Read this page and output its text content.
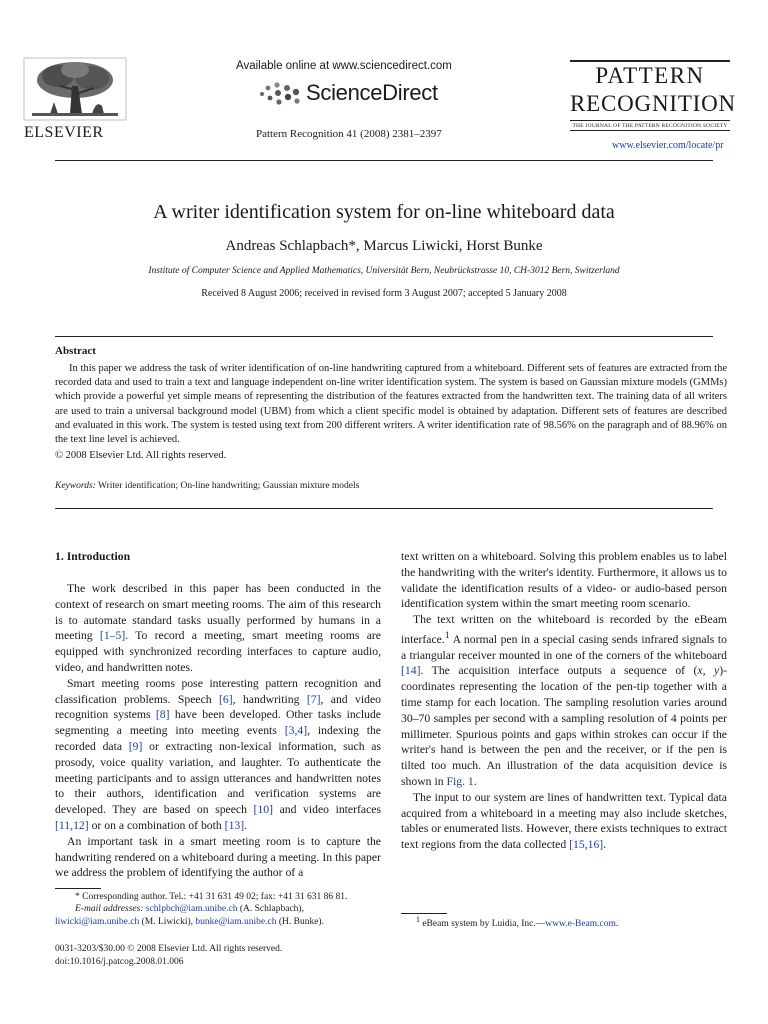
ELSEVIER
Available online at www.sciencedirect.com
ScienceDirect
Pattern Recognition 41 (2008) 2381–2397
PATTERN
RECOGNITION
THE JOURNAL OF THE PATTERN RECOGNITION SOCIETY
www.elsevier.com/locate/pr
A writer identification system for on-line whiteboard data
Andreas Schlapbach*, Marcus Liwicki, Horst Bunke
Institute of Computer Science and Applied Mathematics, Universität Bern, Neubrückstrasse 10, CH-3012 Bern, Switzerland
Received 8 August 2006; received in revised form 3 August 2007; accepted 5 January 2008
Abstract
In this paper we address the task of writer identification of on-line handwriting captured from a whiteboard. Different sets of features are extracted from the recorded data and used to train a text and language independent on-line writer identification system. The system is based on Gaussian mixture models (GMMs) which provide a powerful yet simple means of representing the distribution of the features extracted from the handwritten text. The training data of all writers are used to train a universal background model (UBM) from which a client specific model is obtained by adaptation. Different sets of features are described and evaluated in this work. The system is tested using text from 200 different writers. A writer identification rate of 98.56% on the paragraph and of 88.96% on the text line level is achieved.
© 2008 Elsevier Ltd. All rights reserved.
Keywords: Writer identification; On-line handwriting; Gaussian mixture models
1. Introduction

The work described in this paper has been conducted in the context of research on smart meeting rooms. The aim of this research is to automate standard tasks usually performed by humans in a meeting [1–5]. To record a meeting, smart meeting rooms are equipped with synchronized recording interfaces to capture audio, video, and handwritten notes.

Smart meeting rooms pose interesting pattern recognition and classification problems. Speech [6], handwriting [7], and video recognition systems [8] have been developed. Other tasks include segmenting a meeting into meeting events [3,4], indexing the recorded data [9] or extracting non-lexical information, such as prosody, voice quality variation, and laughter. To authenticate the meeting participants and to assign utterances and handwritten notes to their authors, identification and verification systems are developed. They are based on speech [10] and video interfaces [11,12] or on a combination of both [13].

An important task in a smart meeting room is to capture the handwriting rendered on a whiteboard during a meeting. In this paper we address the problem of identifying the author of a

text written on a whiteboard. Solving this problem enables us to label the handwriting with the writer's identity. Furthermore, it allows us to validate the identification results of a video- or audio-based person identification system within the smart meeting room scenario.

The text written on the whiteboard is recorded by the eBeam interface.$^1$ A normal pen in a special casing sends infrared signals to a triangular receiver mounted in one of the corners of the whiteboard [14]. The acquisition interface outputs a sequence of (x, y)-coordinates representing the location of the pen-tip together with a time stamp for each location. The sampling resolution varies around 30–70 samples per second with a sampling resolution of 4 points per millimeter. Spurious points and gaps within strokes can occur if the writer's hand is between the pen and the receiver, or if the pen is tilted too much. An illustration of the data acquisition device is shown in Fig. 1.

The input to our system are lines of handwritten text. Typical data acquired from a whiteboard in a meeting may also include sketches, tables or enumerated lists. However, there exists techniques to extract text regions from the data collected [15,16].

* Corresponding author. Tel.: +41 31 631 49 02; fax: +41 31 631 86 81.
E-mail addresses: schlpbch@iam.unibe.ch (A. Schlapbach),
liwicki@iam.unibe.ch (M. Liwicki), bunke@iam.unibe.ch (H. Bunke).	$^1$ eBeam system by Luidia, Inc.—www.e-Beam.com.
0031-3203/$30.00 © 2008 Elsevier Ltd. All rights reserved.
doi:10.1016/j.patcog.2008.01.006
